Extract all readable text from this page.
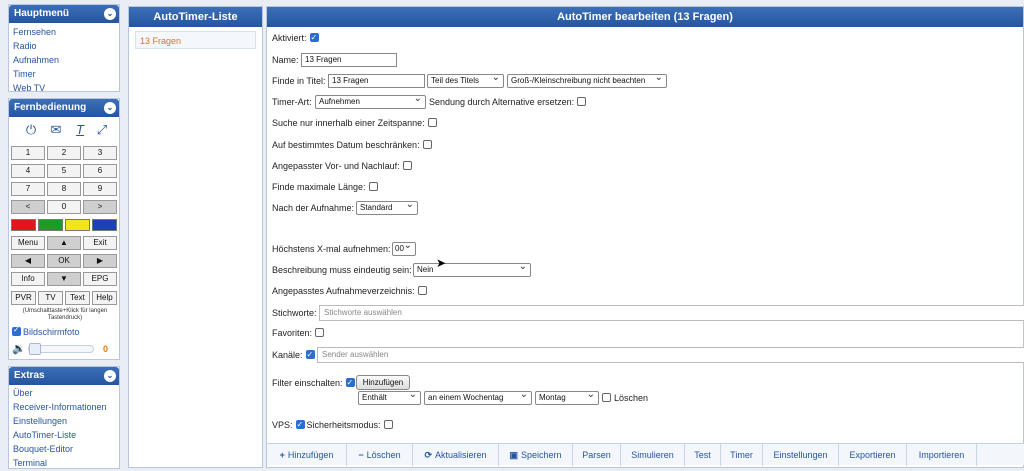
Hauptmenü	⌄
Fernsehen
Radio
Aufnahmen
Timer
Web TV
Fernbedienung	⌄
⏻ ✉	T ⤢
1	2	3
4	5	6
7	8	9
<	0	>
Menu	▲	Exit
◀	OK	▶
Info	▼	EPG
PVR	TV	Text	Help
(Umschalttaste+Klick für langen Tastendruck)
✓Bildschirmfoto
🔉	0
Extras	⌄
Über
Receiver-Informationen
Einstellungen
AutoTimer-Liste
Bouquet-Editor
Terminal
AutoTimer-Liste
13 Fragen
AutoTimer bearbeiten (13 Fragen)
Aktiviert:✓
Name: 13 Fragen
Finde in Titel: 13 Fragen	Teil des Titels ⌄	Groß-/Kleinschreibung nicht beachten ⌄
Timer-Art: Aufnehmen ⌄	Sendung durch Alternative ersetzen:
Suche nur innerhalb einer Zeitspanne:
Auf bestimmtes Datum beschränken:
Angepasster Vor- und Nachlauf:
Finde maximale Länge:
Nach der Aufnahme: Standard ⌄
Höchstens X-mal aufnehmen: 00 ⌄
Beschreibung muss eindeutig sein: Nein ⌄
Angepasstes Aufnahmeverzeichnis:
Stichworte: Stichworte auswählen
Favoriten:
Kanäle: ✓	Sender auswählen
Filter einschalten: ✓	Hinzufügen
Enthält ⌄	an einem Wochentag ⌄	Montag ⌄	Löschen
VPS: ✓ Sicherheitsmodus:
+ Hinzufügen	− Löschen	⟳ Aktualisieren	▣ Speichern	Parsen	Simulieren	Test	Timer	Einstellungen	Exportieren	Importieren
➤
